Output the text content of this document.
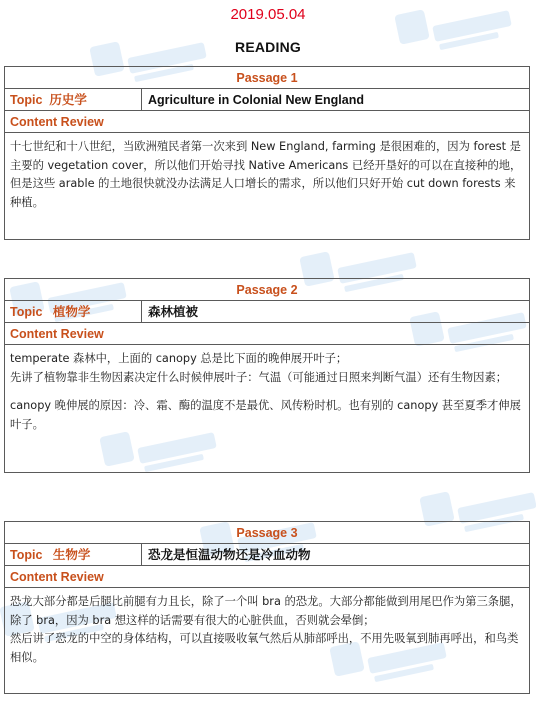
2019.05.04
READING
Passage 1
Topic  历史学	Agriculture in Colonial New England
Content Review

十七世纪和十八世纪，当欧洲殖民者第一次来到 New England, farming 是很困难的，因为 forest 是主要的 vegetation cover，所以他们开始寻找 Native Americans 已经开垦好的可以在直接种的地，但是这些 arable 的土地很快就没办法满足人口增长的需求，所以他们只好开始 cut down forests 来种植。

Passage 2
Topic   植物学	森林植被
Content Review

temperate 森林中，上面的 canopy 总是比下面的晚伸展开叶子；

先讲了植物靠非生物因素决定什么时候伸展叶子：气温（可能通过日照来判断气温）还有生物因素；

canopy 晚伸展的原因：冷、霜、酶的温度不是最优、风传粉时机。也有别的 canopy 甚至夏季才伸展叶子。

Passage 3
Topic   生物学	恐龙是恒温动物还是冷血动物
Content Review

恐龙大部分都是后腿比前腿有力且长，除了一个叫 bra 的恐龙。大部分都能做到用尾巴作为第三条腿，除了 bra，因为 bra 想这样的话需要有很大的心脏供血，否则就会晕倒；

然后讲了恐龙的中空的身体结构，可以直接吸收氧气然后从肺部呼出，不用先吸氧到肺再呼出，和鸟类相似。
